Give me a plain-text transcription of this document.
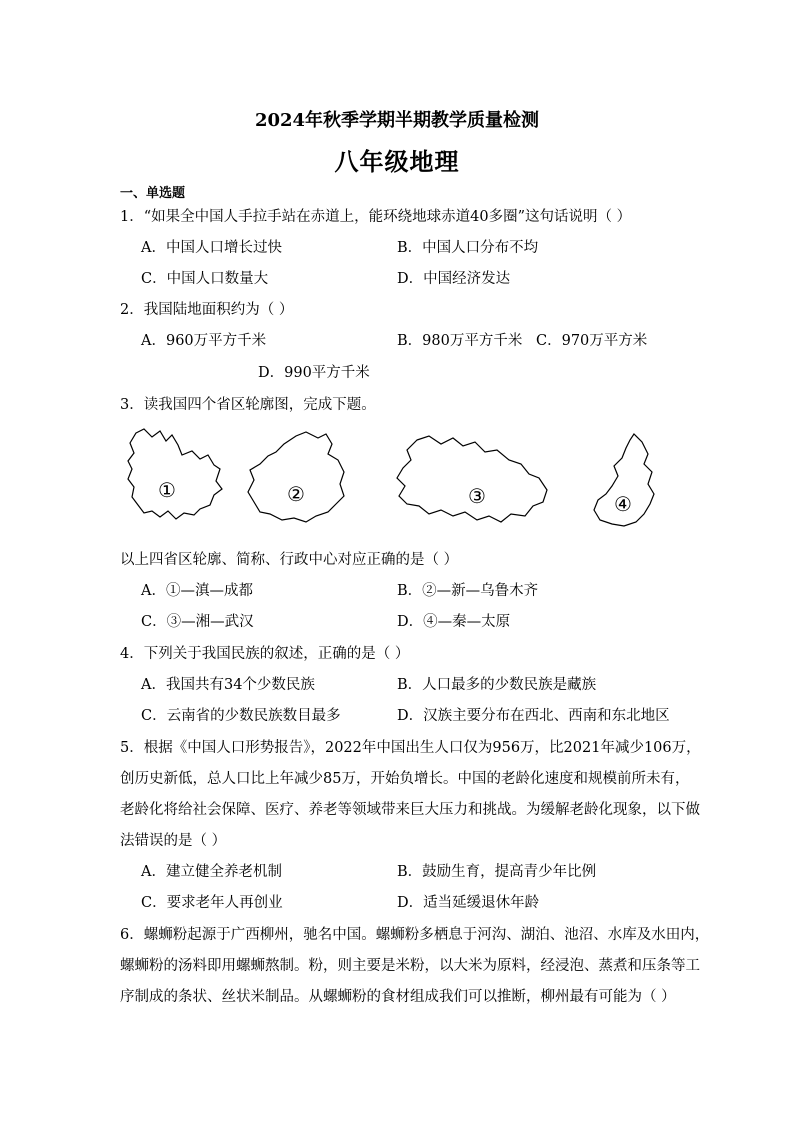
2024年秋季学期半期教学质量检测
八年级地理
一、单选题
1．“如果全中国人手拉手站在赤道上，能环绕地球赤道40多圈”这句话说明（ ）
A．中国人口增长过快	B．中国人口分布不均
C．中国人口数量大	D．中国经济发达
2．我国陆地面积约为（ ）
A．960万平方千米	B．980万平方千米 C．970万平方米
D．990平方千米
3．读我国四个省区轮廓图，完成下题。
①	②	③	④
以上四省区轮廓、简称、行政中心对应正确的是（ ）
A．①—滇—成都	B．②—新—乌鲁木齐
C．③—湘—武汉	D．④—秦—太原
4．下列关于我国民族的叙述，正确的是（ ）
A．我国共有34个少数民族	B．人口最多的少数民族是藏族
C．云南省的少数民族数目最多	D．汉族主要分布在西北、西南和东北地区
5．根据《中国人口形势报告》，2022年中国出生人口仅为956万，比2021年减少106万，
创历史新低，总人口比上年减少85万，开始负增长。中国的老龄化速度和规模前所未有，
老龄化将给社会保障、医疗、养老等领域带来巨大压力和挑战。为缓解老龄化现象，以下做
法错误的是（ ）
A．建立健全养老机制	B．鼓励生育，提高青少年比例
C．要求老年人再创业	D．适当延缓退休年龄
6．螺蛳粉起源于广西柳州，驰名中国。螺蛳粉多栖息于河沟、湖泊、池沼、水库及水田内，
螺蛳粉的汤料即用螺蛳熬制。粉，则主要是米粉，以大米为原料，经浸泡、蒸煮和压条等工
序制成的条状、丝状米制品。从螺蛳粉的食材组成我们可以推断，柳州最有可能为（ ）
